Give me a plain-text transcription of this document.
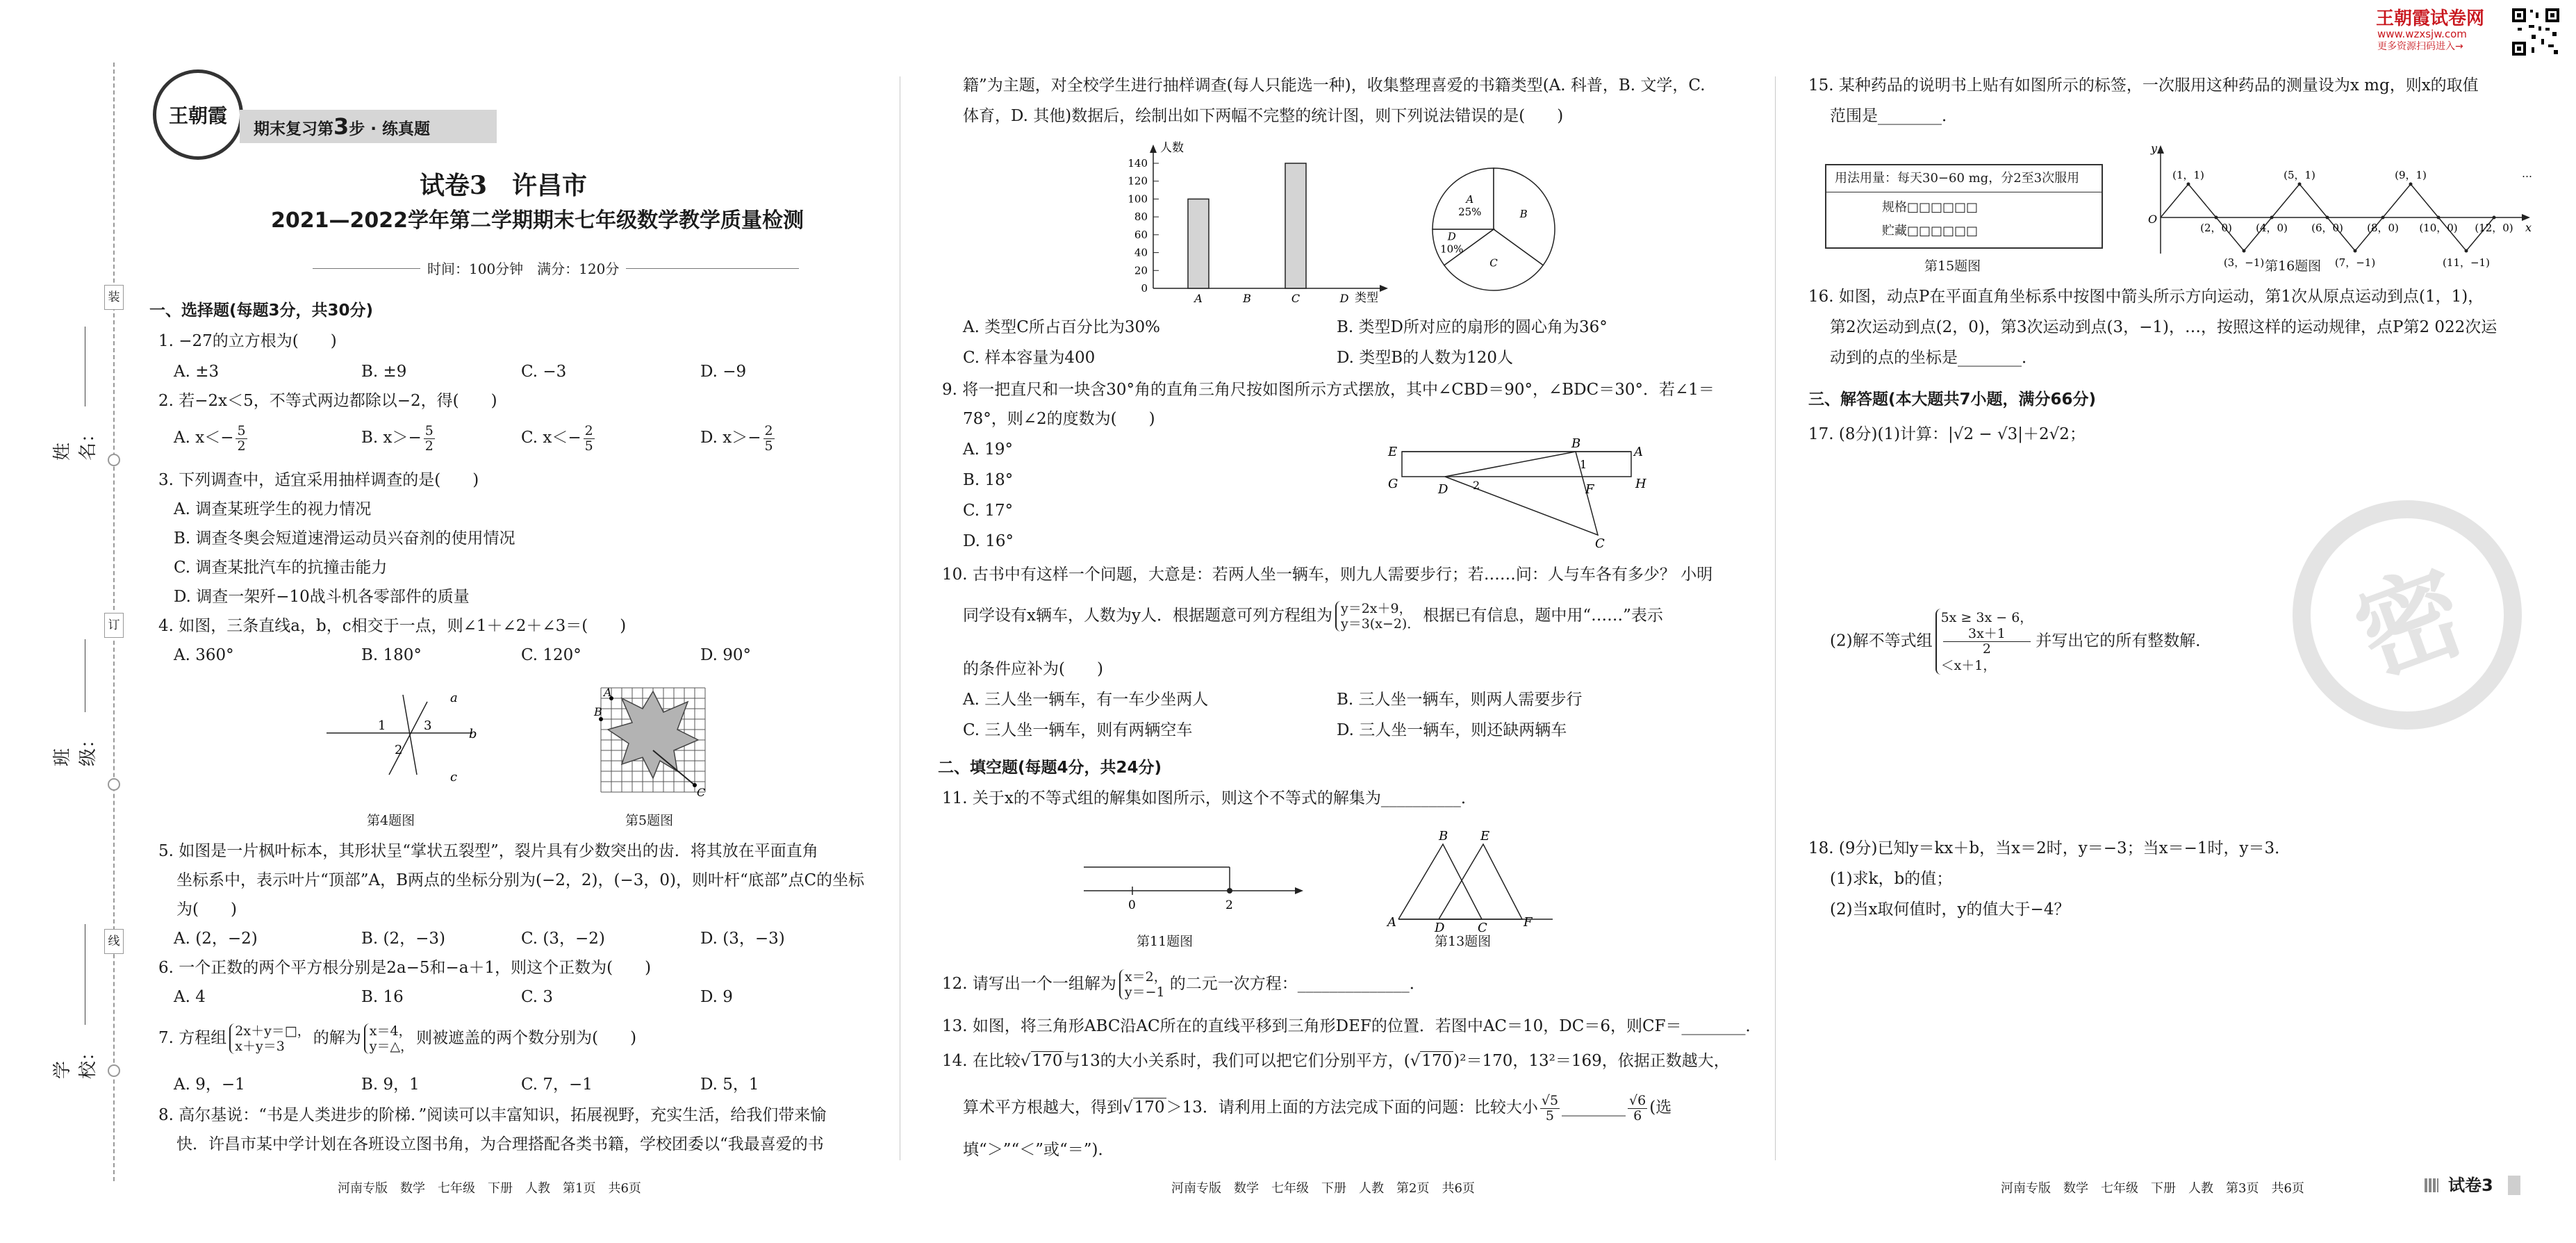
装
订
线
姓名：
班级：
学校：
王朝霞
期末复习第3步 · 练真题
王朝霞试卷网
www.wzxsjw.com
更多资源扫码进入→
密
试卷3　许昌市
2021—2022学年第二学期期末七年级数学教学质量检测
时间：100分钟　满分：120分
一、选择题(每题3分，共30分)
1. −27的立方根为(　　)
A. ±3	B. ±9	C. −3	D. −9
2. 若−2x＜5，不等式两边都除以−2，得(　　)
A. $x<- \frac{5}{2}$	B. $x>- \frac{5}{2}$	C. $x<- \frac{2}{5}$	D. $x>- \frac{2}{5}$
3. 下列调查中，适宜采用抽样调查的是(　　)
A. 调查某班学生的视力情况
B. 调查冬奥会短道速滑运动员兴奋剂的使用情况
C. 调查某批汽车的抗撞击能力
D. 调查一架歼−10战斗机各零部件的质量
4. 如图，三条直线a，b，c相交于一点，则∠1＋∠2＋∠3＝(　　)
A. 360°	B. 180°	C. 120°	D. 90°
a
b
c
1	3
2
第4题图
A
B
C
第5题图
5. 如图是一片枫叶标本，其形状呈“掌状五裂型”，裂片具有少数突出的齿．将其放在平面直角
坐标系中，表示叶片“顶部”A，B两点的坐标分别为(−2，2)，(−3，0)，则叶杆“底部”点C的坐标
为(　　)
A. (2，−2)	B. (2，−3)	C. (3，−2)	D. (3，−3)
6. 一个正数的两个平方根分别是2a−5和−a＋1，则这个正数为(　　)
A. 4	B. 16	C. 3	D. 9
7. 方程组 2x＋y＝□，
x＋y＝3	的解为 x＝4，
y＝△， 则被遮盖的两个数分别为(　　)
A. 9，−1	B. 9，1	C. 7，−1	D. 5，1
8. 高尔基说：“书是人类进步的阶梯．”阅读可以丰富知识，拓展视野，充实生活，给我们带来愉
快．许昌市某中学计划在各班设立图书角，为合理搭配各类书籍，学校团委以“我最喜爱的书
河南专版　数学　七年级　下册　人教　第1页　共6页
籍”为主题，对全校学生进行抽样调查(每人只能选一种)，收集整理喜爱的书籍类型(A. 科普，B. 文学，C.
体育，D. 其他)数据后，绘制出如下两幅不完整的统计图，则下列说法错误的是(　　)
人数
类型
0
20
40
60
80
100
120
140
A	B	C	D
A
25%	B
C
D
10%
A. 类型C所占百分比为30%	B. 类型D所对应的扇形的圆心角为36°
C. 样本容量为400	D. 类型B的人数为120人
9. 将一把直尺和一块含30°角的直角三角尺按如图所示方式摆放，其中∠CBD＝90°，∠BDC＝30°．若∠1＝
78°，则∠2的度数为(　　)
A. 19°
B. 18°
C. 17°
D. 16°
E
B
A
G	D 2
1
F	H
C
10. 古书中有这样一个问题，大意是：若两人坐一辆车，则九人需要步行；若……问：人与车各有多少？ 小明
同学设有x辆车，人数为y人．根据题意可列方程组为 y＝2x＋9，
y＝3(x−2)． 根据已有信息，题中用“……”表示
的条件应补为(　　)
A. 三人坐一辆车，有一车少坐两人	B. 三人坐一辆车，则两人需要步行
C. 三人坐一辆车，则有两辆空车	D. 三人坐一辆车，则还缺两辆车
二、填空题(每题4分，共24分)
11. 关于x的不等式组的解集如图所示，则这个不等式的解集为__________．
0	2
第11题图
A
B	E
D	C	F
第13题图
12. 请写出一个一组解为 x＝2，
y＝−1 的二元一次方程：______________．
13. 如图，将三角形ABC沿AC所在的直线平移到三角形DEF的位置．若图中AC＝10，DC＝6，则CF＝________．
14. 在比较√170与13的大小关系时，我们可以把它们分别平方，(√170)²＝170，13²＝169，依据正数越大，
算术平方根越大，得到√170＞13．请利用上面的方法完成下面的问题：比较大小 $\frac{√5}{5}$ ________ $\frac{√6}{6}$ (选
填“＞”“＜”或“＝”)．
河南专版　数学　七年级　下册　人教　第2页　共6页
15. 某种药品的说明书上贴有如图所示的标签，一次服用这种药品的测量设为x mg，则x的取值
范围是________．
用法用量：每天30−60 mg，分2至3次服用
规格□□□□□□
贮藏□□□□□□
第15题图
y
x
O
(1，1)
(2，0)
(3，−1)
(4，0)
(5，1)
(6，0)
(7，−1)
(8，0)
(9，1)
(10，0)
(11，−1)
(12，0)
…
第16题图
16. 如图，动点P在平面直角坐标系中按图中箭头所示方向运动，第1次从原点运动到点(1，1)，
第2次运动到点(2，0)，第3次运动到点(3，−1)，…，按照这样的运动规律，点P第2 022次运
动到的点的坐标是________．
三、解答题(本大题共7小题，满分66分)
17. (8分)(1)计算：|√2 − √3|＋2√2；
(2)解不等式组
5x ≥ 3x − 6，
3x＋1
2
＜x＋1，
并写出它的所有整数解．
18. (9分)已知y＝kx＋b，当x＝2时，y＝−3；当x＝−1时，y＝3．
(1)求k，b的值；
(2)当x取何值时，y的值大于−4？
河南专版　数学　七年级　下册　人教　第3页　共6页	试卷3
